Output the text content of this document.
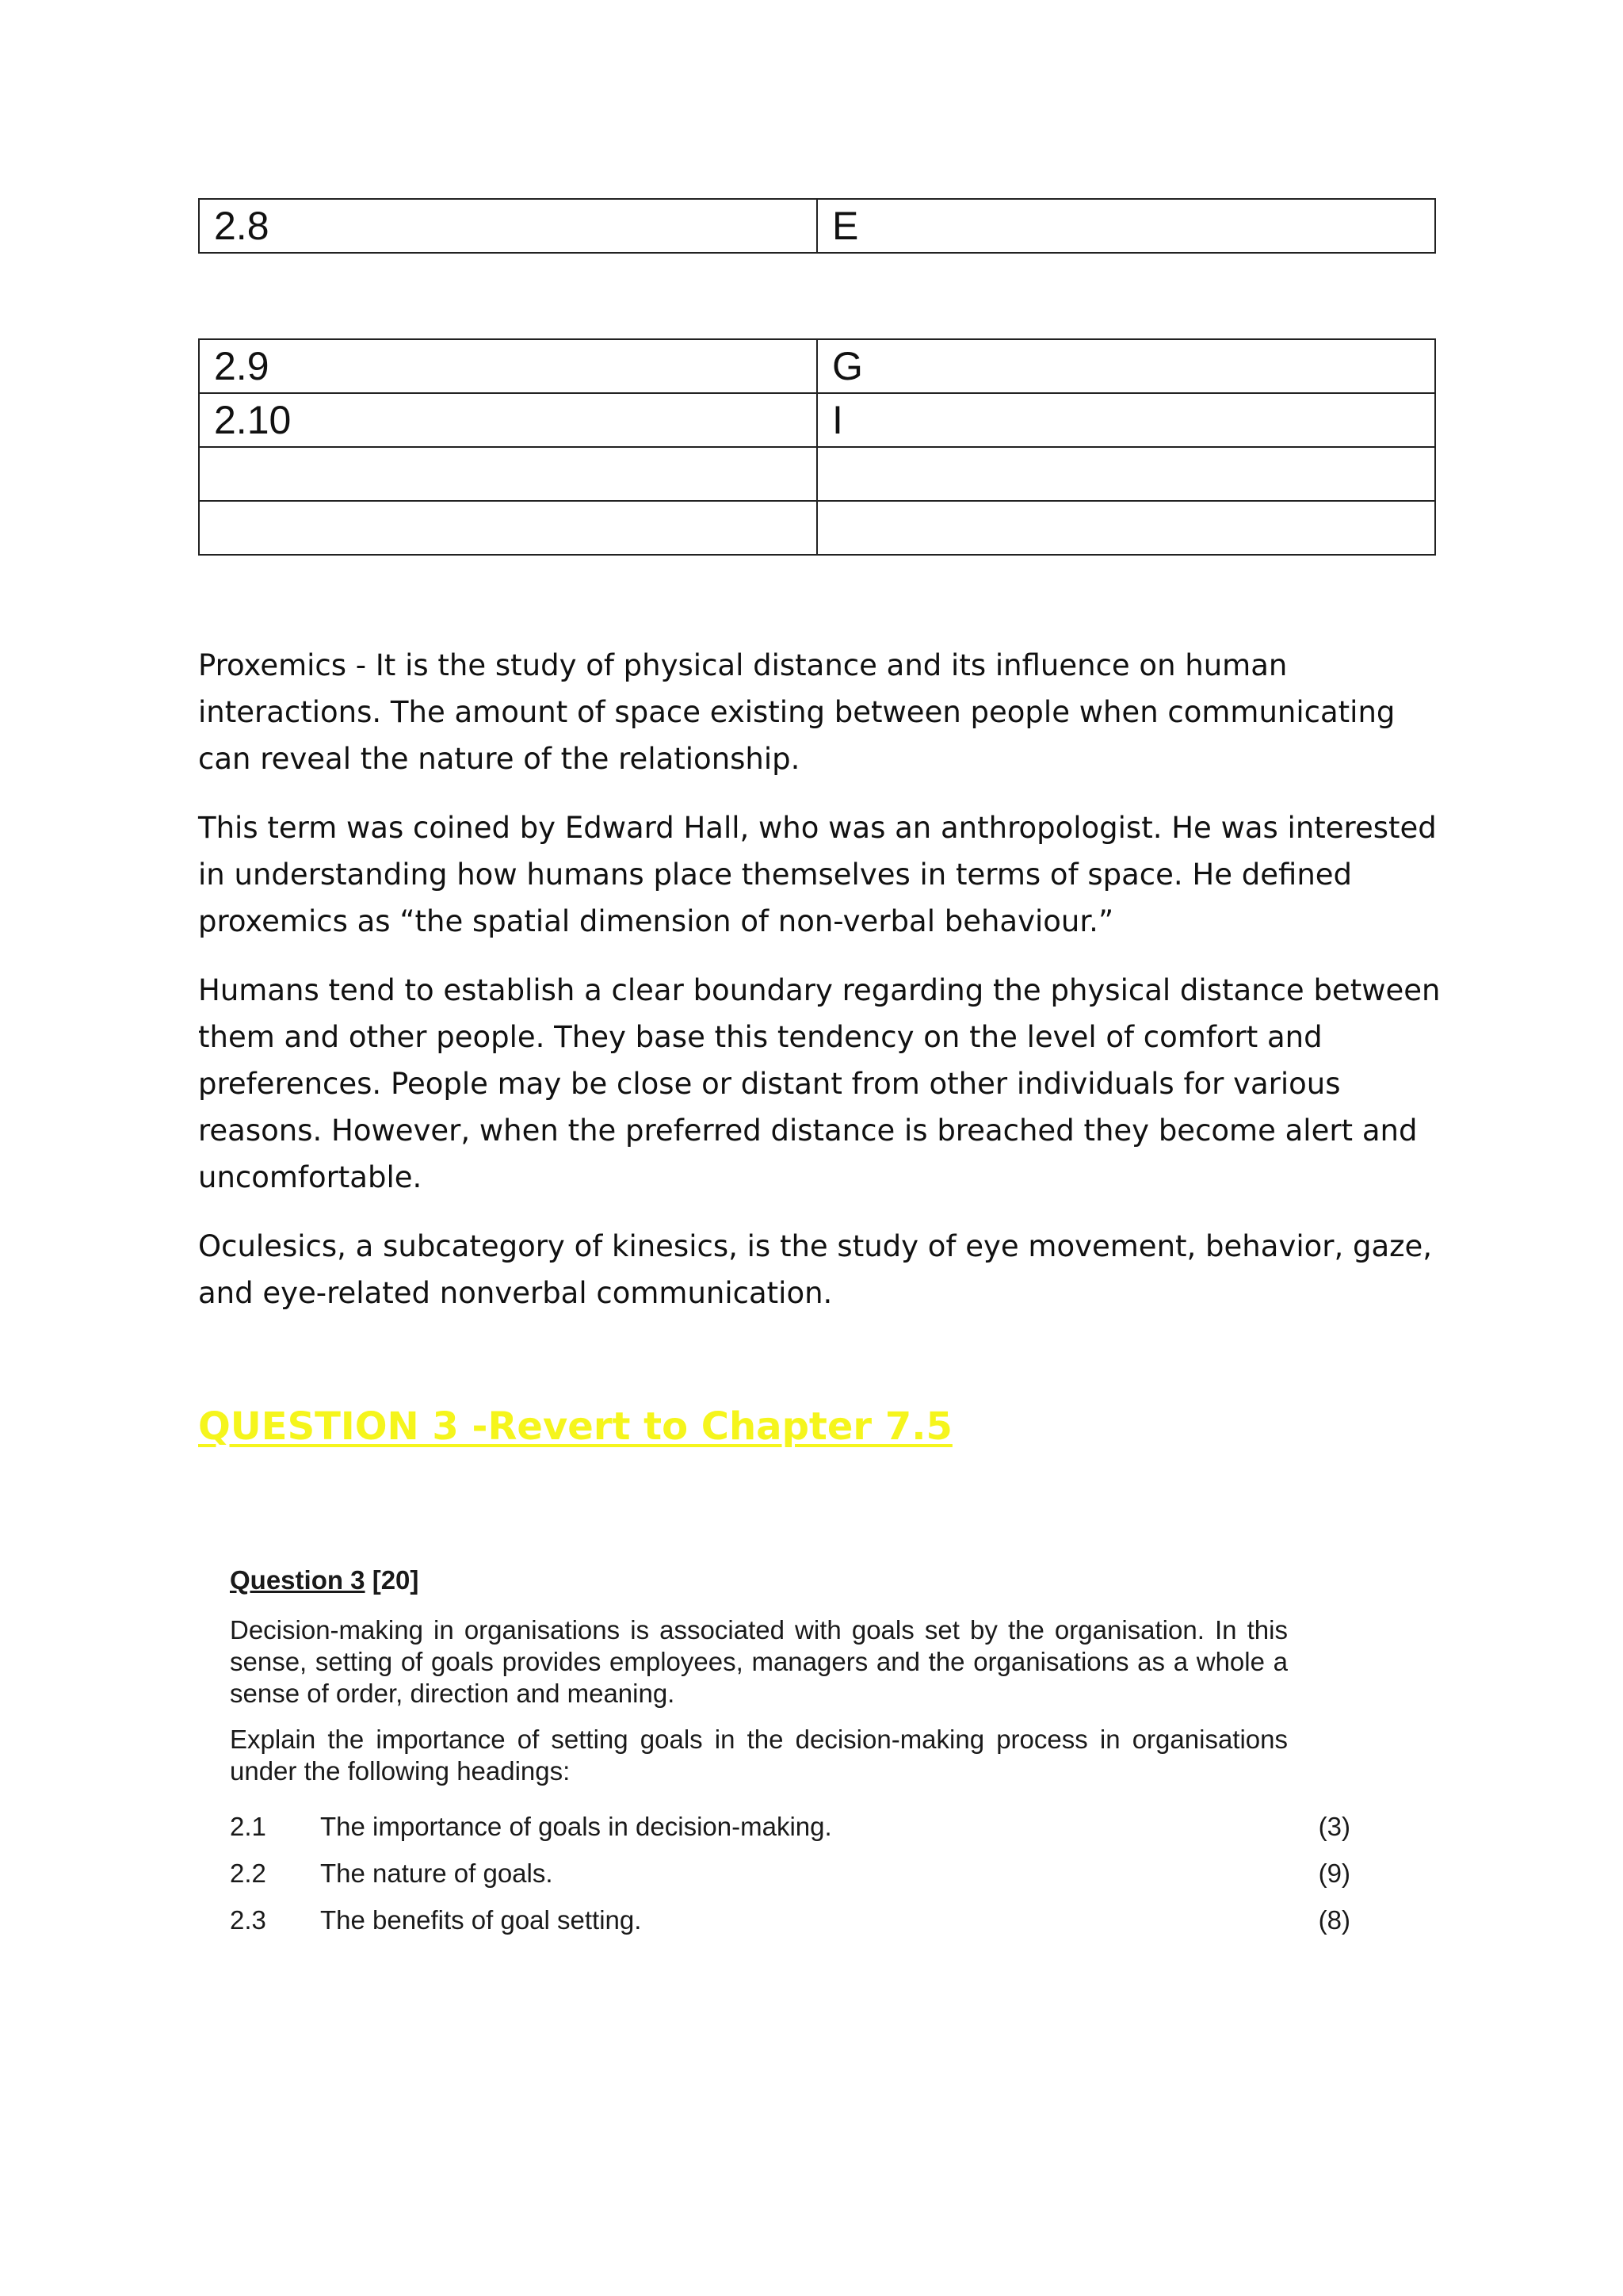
2.8	E
2.9	G
2.10	I

Proxemics - It is the study of physical distance and its influence on human interactions. The amount of space existing between people when communicating can reveal the nature of the relationship.

This term was coined by Edward Hall, who was an anthropologist. He was interested in understanding how humans place themselves in terms of space. He defined proxemics as “the spatial dimension of non-verbal behaviour.”

Humans tend to establish a clear boundary regarding the physical distance between them and other people. They base this tendency on the level of comfort and preferences. People may be close or distant from other individuals for various reasons. However, when the preferred distance is breached they become alert and uncomfortable.

Oculesics, a subcategory of kinesics, is the study of eye movement, behavior, gaze, and eye-related nonverbal communication.

QUESTION 3 -Revert to Chapter 7.5
Question 3 [20]
Decision-making in organisations is associated with goals set by the organisation. In this sense, setting of goals provides employees, managers and the organisations as a whole a sense of order, direction and meaning.
Explain the importance of setting goals in the decision-making process in organisations under the following headings:
2.1	The importance of goals in decision-making.	(3)
2.2	The nature of goals.	(9)
2.3	The benefits of goal setting.	(8)
